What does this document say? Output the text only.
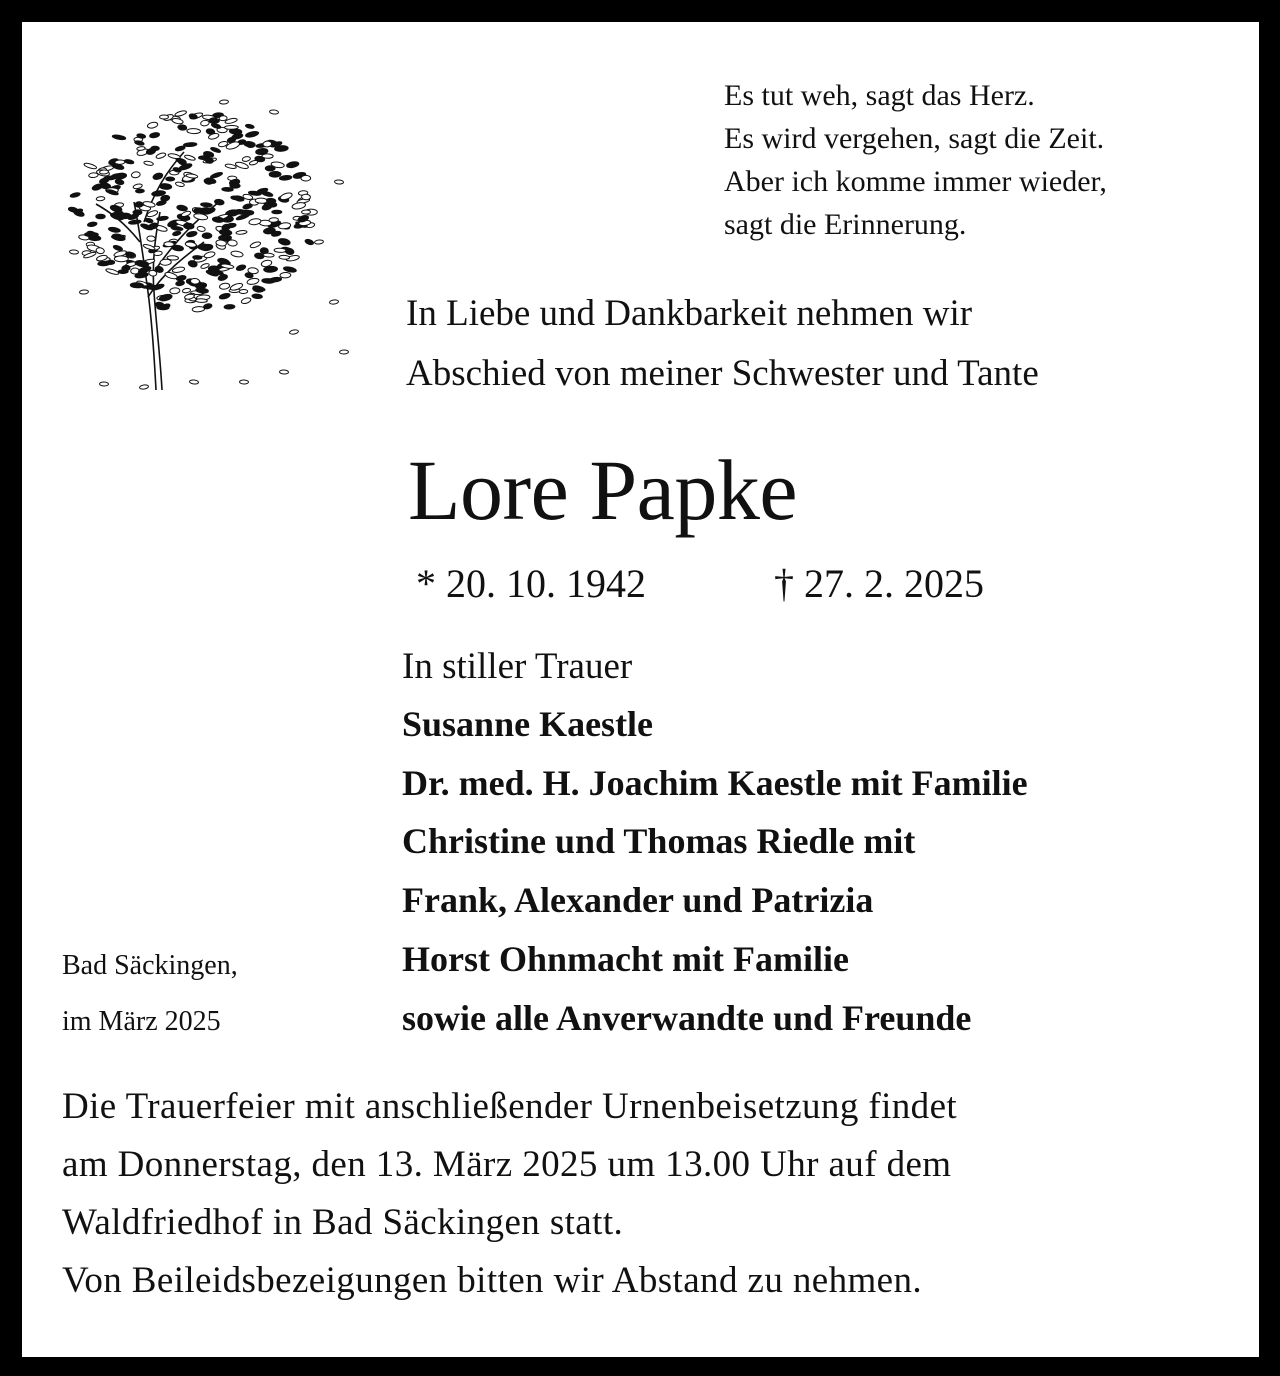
Es tut weh, sagt das Herz.
Es wird vergehen, sagt die Zeit.
Aber ich komme immer wieder,
sagt die Erinnerung.
In Liebe und Dankbarkeit nehmen wir
Abschied von meiner Schwester und Tante
Lore Papke
* 20. 10. 1942	† 27. 2. 2025
In stiller Trauer
Susanne Kaestle
Dr. med. H. Joachim Kaestle mit Familie
Christine und Thomas Riedle mit
Frank, Alexander und Patrizia
Horst Ohnmacht mit Familie
sowie alle Anverwandte und Freunde
Bad Säckingen,
im März 2025
Die Trauerfeier mit anschließender Urnenbeisetzung findet
am Donnerstag, den 13. März 2025 um 13.00 Uhr auf dem
Waldfriedhof in Bad Säckingen statt.
Von Beileidsbezeigungen bitten wir Abstand zu nehmen.
